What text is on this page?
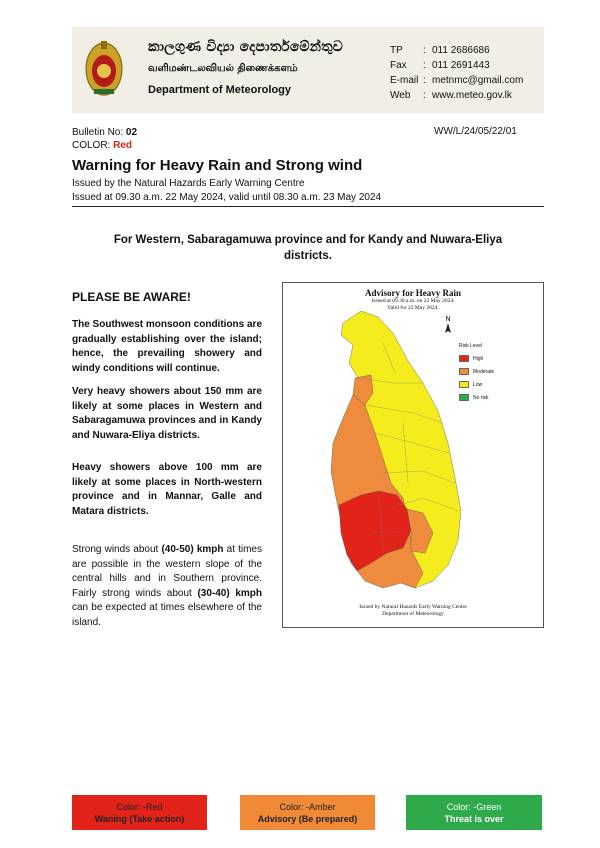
කාලගුණ විද්‍යා දෙපාර්තමේන්තුව
வளிமண்டலவியல் திணைக்களம்
Department of Meteorology
TP	: 011 2686686
Fax	: 011 2691443
E-mail : metnmc@gmail.com
Web	: www.meteo.gov.lk
Bulletin No: 02
COLOR: Red
WW/L/24/05/22/01
Warning for Heavy Rain and Strong wind
Issued by the Natural Hazards Early Warning Centre
Issued at 09.30 a.m. 22 May 2024, valid until 08.30 a.m. 23 May 2024
For Western, Sabaragamuwa province and for Kandy and Nuwara-Eliya
districts.
PLEASE BE AWARE!
The Southwest monsoon conditions are gradually establishing over the island; hence, the prevailing showery and windy conditions will continue.
Very heavy showers about 150 mm are likely at some places in Western and Sabaragamuwa provinces and in Kandy and Nuwara-Eliya districts.
Heavy showers above 100 mm are likely at some places in North-western province and in Mannar, Galle and Matara districts.
Strong winds about (40-50) kmph at times are possible in the western slope of the central hills and in Southern province. Fairly strong winds about (30-40) kmph can be expected at times elsewhere of the island.
Advisory for Heavy Rain
Issued at 09.30 a.m. on 22 May 2024.
Valid for 22 May 2024.
N
Risk Level
High
Moderate
Low
No risk
Issued by Natural Hazards Early Warning Centre
Department of Meteorology
Color: -Red
Waning (Take action)
Color: -Amber
Advisory (Be prepared)
Color: -Green
Threat is over
